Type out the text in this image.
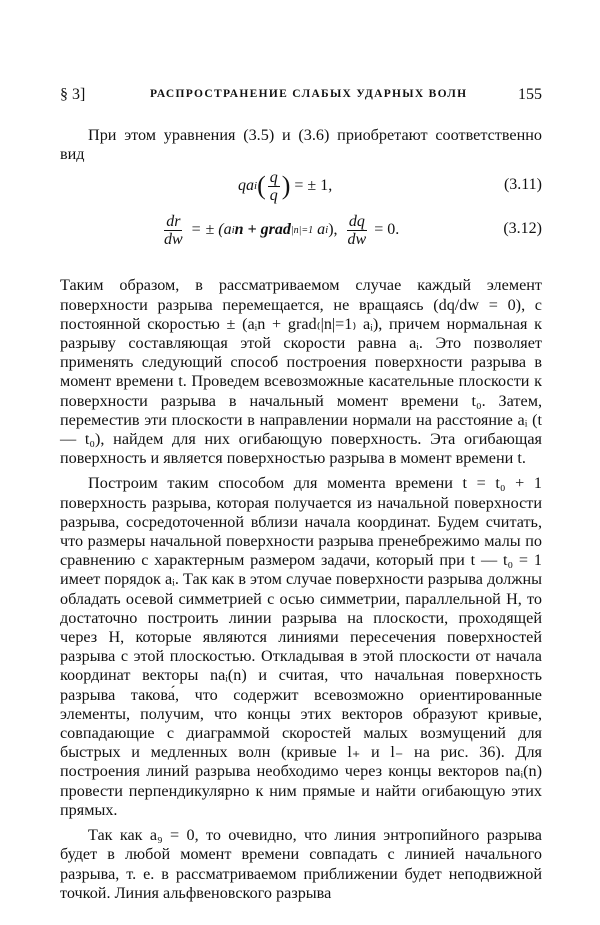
§ 3]	РАСПРОСТРАНЕНИЕ СЛАБЫХ УДАРНЫХ ВОЛН	155

При этом уравнения (3.5) и (3.6) приобретают соответственно вид

qa i ( $\frac{q}{q}$ ) = ± 1,	(3.11)
$\frac{dr}{dw}$ = ± (a i n + grad |n|=1 a i ), $\frac{dq}{dw} = 0$.	(3.12)

Таким образом, в рассматриваемом случае каждый элемент поверхности разрыва перемещается, не вращаясь (dq/dw = 0), с постоянной скоростью ± (aᵢn + grad₍|n|=1₎ aᵢ), причем нормальная к разрыву составляющая этой скорости равна aᵢ. Это позволяет применять следующий способ построения поверхности разрыва в момент времени t. Проведем всевозможные касательные плоскости к поверхности разрыва в начальный момент времени t₀. Затем, переместив эти плоскости в направлении нормали на расстояние aᵢ (t — t₀), найдем для них огибающую поверхность. Эта огибающая поверхность и является поверхностью разрыва в момент времени t.

Построим таким способом для момента времени t = t₀ + 1 поверхность разрыва, которая получается из начальной поверхности разрыва, сосредоточенной вблизи начала координат. Будем считать, что размеры начальной поверхности разрыва пренебрежимо малы по сравнению с характерным размером задачи, который при t — t₀ = 1 имеет порядок aᵢ. Так как в этом случае поверхности разрыва должны обладать осевой симметрией с осью симметрии, параллельной H, то достаточно построить линии разрыва на плоскости, проходящей через H, которые являются линиями пересечения поверхностей разрыва с этой плоскостью. Откладывая в этой плоскости от начала координат векторы naᵢ(n) и считая, что начальная поверхность разрыва такова́, что содержит всевозможно ориентированные элементы, получим, что концы этих векторов образуют кривые, совпадающие с диаграммой скоростей малых возмущений для быстрых и медленных волн (кривые l₊ и l₋ на рис. 36). Для построения линий разрыва необходимо через концы векторов naᵢ(n) провести перпендикулярно к ним прямые и найти огибающую этих прямых.

Так как a₉ = 0, то очевидно, что линия энтропийного разрыва будет в любой момент времени совпадать с линией начального разрыва, т. е. в рассматриваемом приближении будет неподвижной точкой. Линия альфвеновского разрыва
